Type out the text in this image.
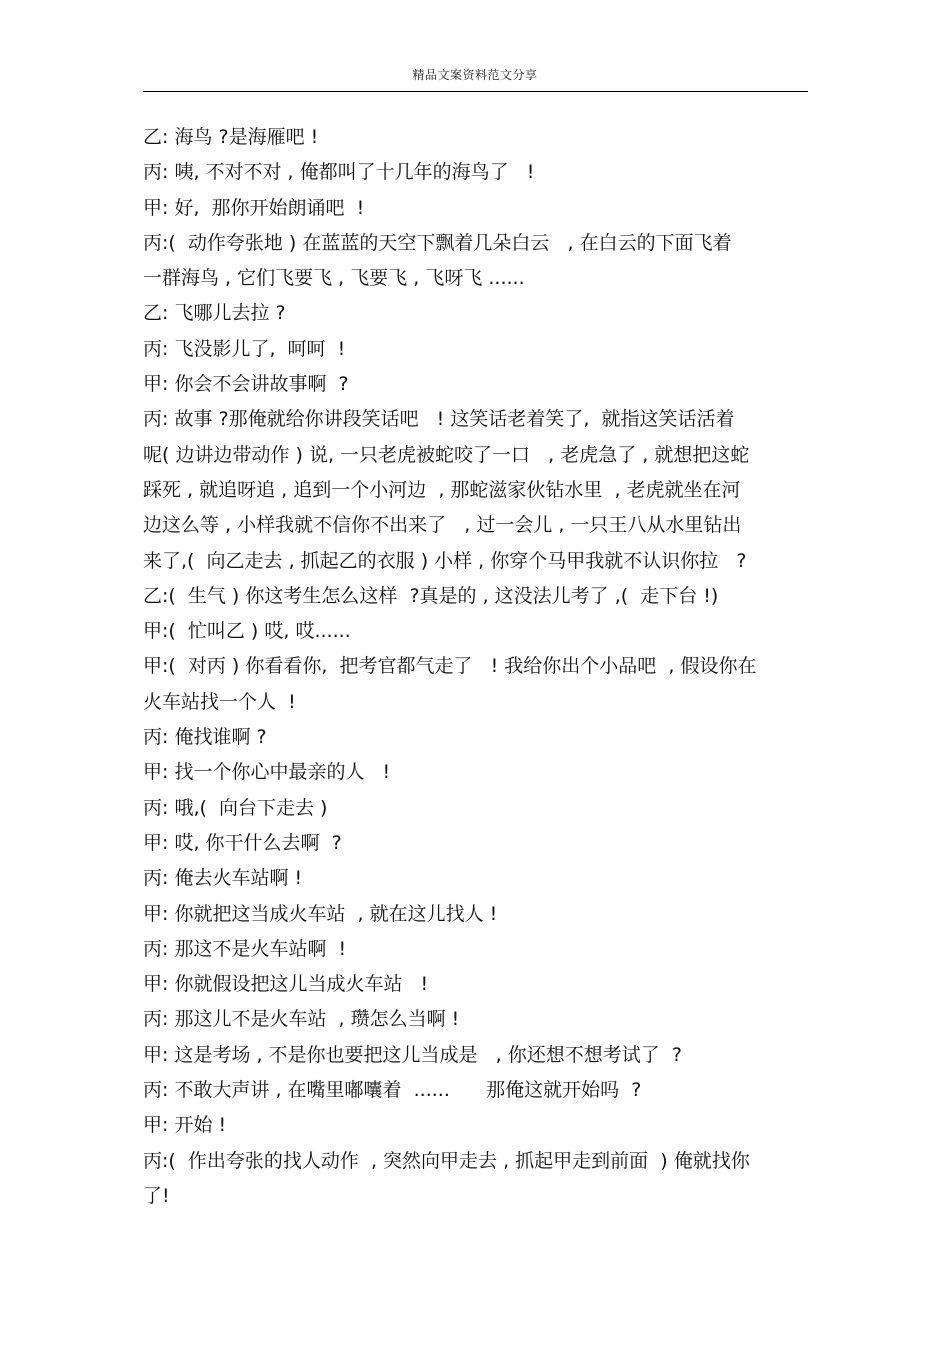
精品文案资料范文分享
乙: 海鸟 ?是海雁吧 !
丙: 咦, 不对不对 , 俺都叫了十几年的海鸟了   !
甲: 好,  那你开始朗诵吧  !
丙:(  动作夸张地 ) 在蓝蓝的天空下飘着几朵白云   , 在白云的下面飞着
一群海鸟 , 它们飞要飞 , 飞要飞 , 飞呀飞 ......
乙: 飞哪儿去拉 ?
丙: 飞没影儿了,  呵呵  !
甲: 你会不会讲故事啊  ?
丙: 故事 ?那俺就给你讲段笑话吧   ! 这笑话老着笑了,  就指这笑话活着
呢( 边讲边带动作 ) 说, 一只老虎被蛇咬了一口   , 老虎急了 , 就想把这蛇
踩死 , 就追呀追 , 追到一个小河边  , 那蛇滋家伙钻水里  , 老虎就坐在河
边这么等 , 小样我就不信你不出来了   , 过一会儿 , 一只王八从水里钻出
来了,(  向乙走去 , 抓起乙的衣服 ) 小样 , 你穿个马甲我就不认识你拉   ?
乙:(  生气 ) 你这考生怎么这样  ?真是的 , 这没法儿考了 ,(  走下台 !)
甲:(  忙叫乙 ) 哎, 哎......
甲:(  对丙 ) 你看看你,  把考官都气走了   ! 我给你出个小品吧  , 假设你在
火车站找一个人  !
丙: 俺找谁啊 ?
甲: 找一个你心中最亲的人   !
丙: 哦,(  向台下走去 )
甲: 哎, 你干什么去啊  ?
丙: 俺去火车站啊 !
甲: 你就把这当成火车站  , 就在这儿找人 !
丙: 那这不是火车站啊  !
甲: 你就假设把这儿当成火车站   !
丙: 那这儿不是火车站  , 瓒怎么当啊 !
甲: 这是考场 , 不是你也要把这儿当成是   , 你还想不想考试了  ?
丙: 不敢大声讲 , 在嘴里嘟囔着  ......      那俺这就开始吗  ?
甲: 开始 !
丙:(  作出夸张的找人动作  , 突然向甲走去 , 抓起甲走到前面  ) 俺就找你
了!
